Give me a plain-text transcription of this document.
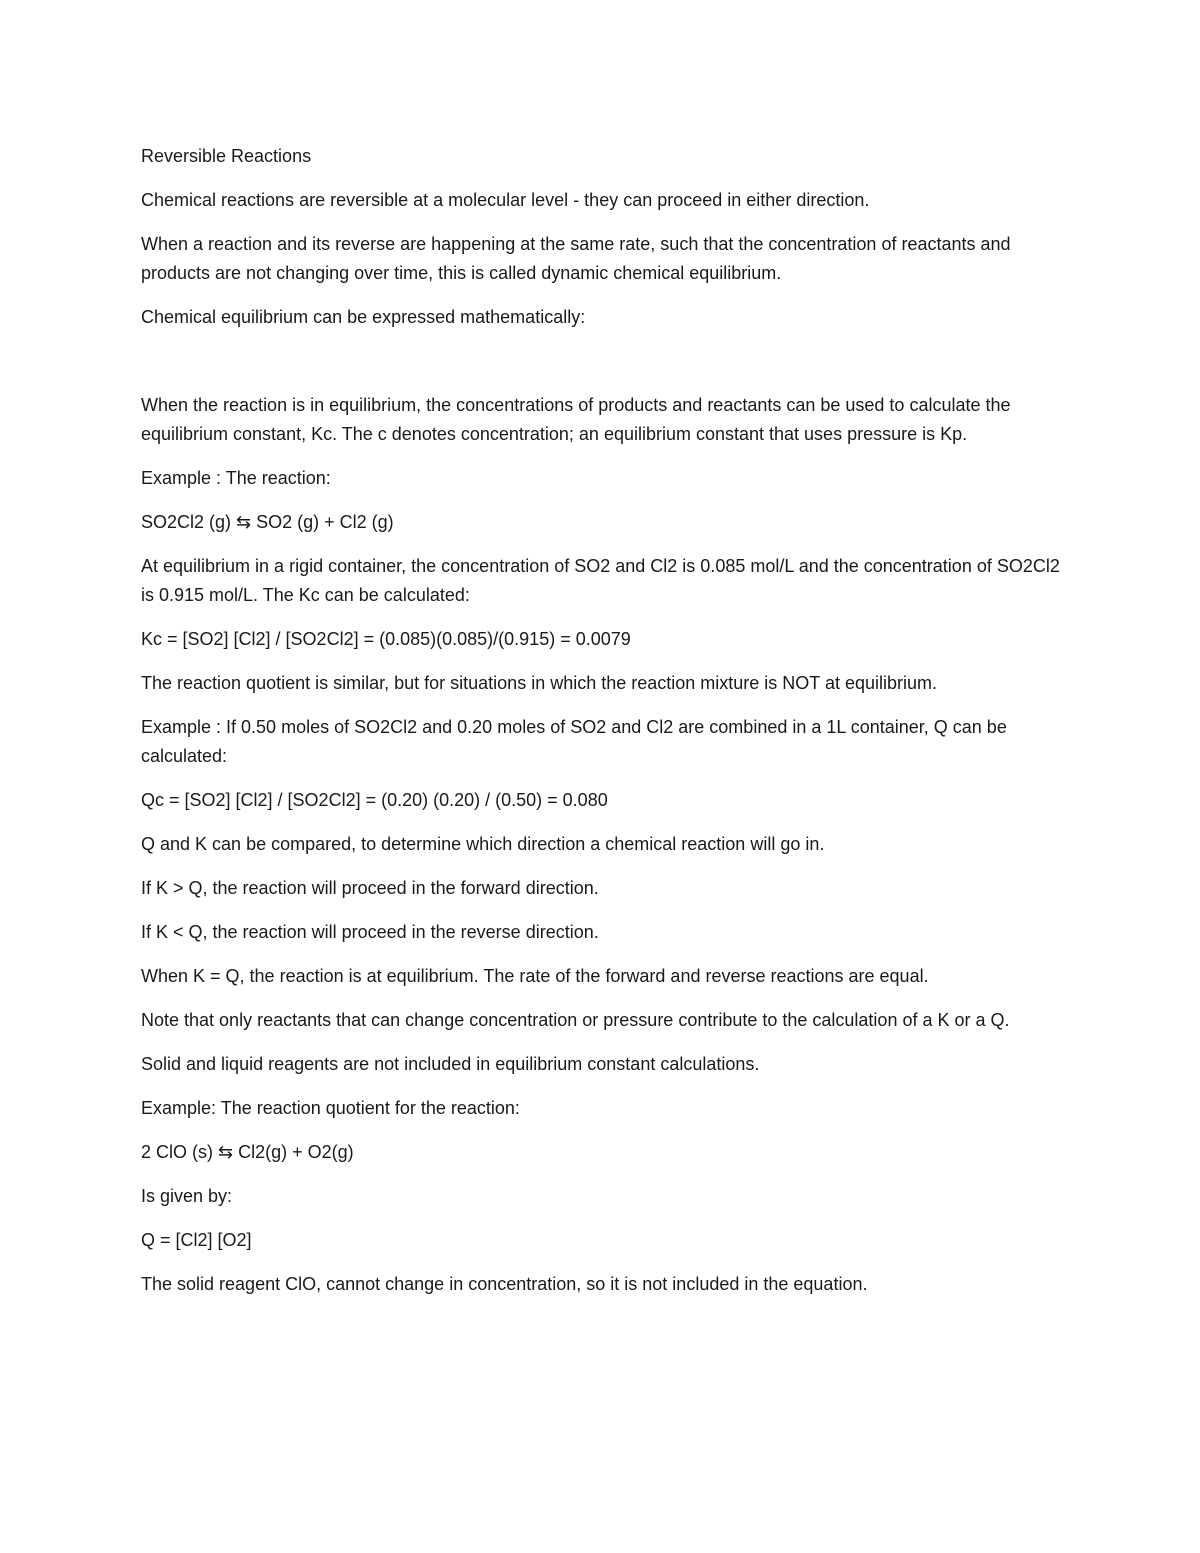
Reversible Reactions

Chemical reactions are reversible at a molecular level - they can proceed in either direction.

When a reaction and its reverse are happening at the same rate, such that the concentration of reactants and products are not changing over time, this is called dynamic chemical equilibrium.

Chemical equilibrium can be expressed mathematically:

When the reaction is in equilibrium, the concentrations of products and reactants can be used to calculate the equilibrium constant, Kc. The c denotes concentration; an equilibrium constant that uses pressure is Kp.

Example : The reaction:

SO2Cl2 (g) ⇆ SO2 (g) + Cl2 (g)

At equilibrium in a rigid container, the concentration of SO2 and Cl2 is 0.085 mol/L and the concentration of SO2Cl2 is 0.915 mol/L. The Kc can be calculated:

Kc = [SO2] [Cl2] / [SO2Cl2] = (0.085)(0.085)/(0.915) = 0.0079

The reaction quotient is similar, but for situations in which the reaction mixture is NOT at equilibrium.

Example : If 0.50 moles of SO2Cl2 and 0.20 moles of SO2 and Cl2 are combined in a 1L container, Q can be calculated:

Qc = [SO2] [Cl2] / [SO2Cl2] = (0.20) (0.20) / (0.50) = 0.080

Q and K can be compared, to determine which direction a chemical reaction will go in.

If K > Q, the reaction will proceed in the forward direction.

If K < Q, the reaction will proceed in the reverse direction.

When K = Q, the reaction is at equilibrium. The rate of the forward and reverse reactions are equal.

Note that only reactants that can change concentration or pressure contribute to the calculation of a K or a Q.

Solid and liquid reagents are not included in equilibrium constant calculations.

Example: The reaction quotient for the reaction:

2 ClO (s) ⇆ Cl2(g) + O2(g)

Is given by:

Q = [Cl2] [O2]

The solid reagent ClO, cannot change in concentration, so it is not included in the equation.
